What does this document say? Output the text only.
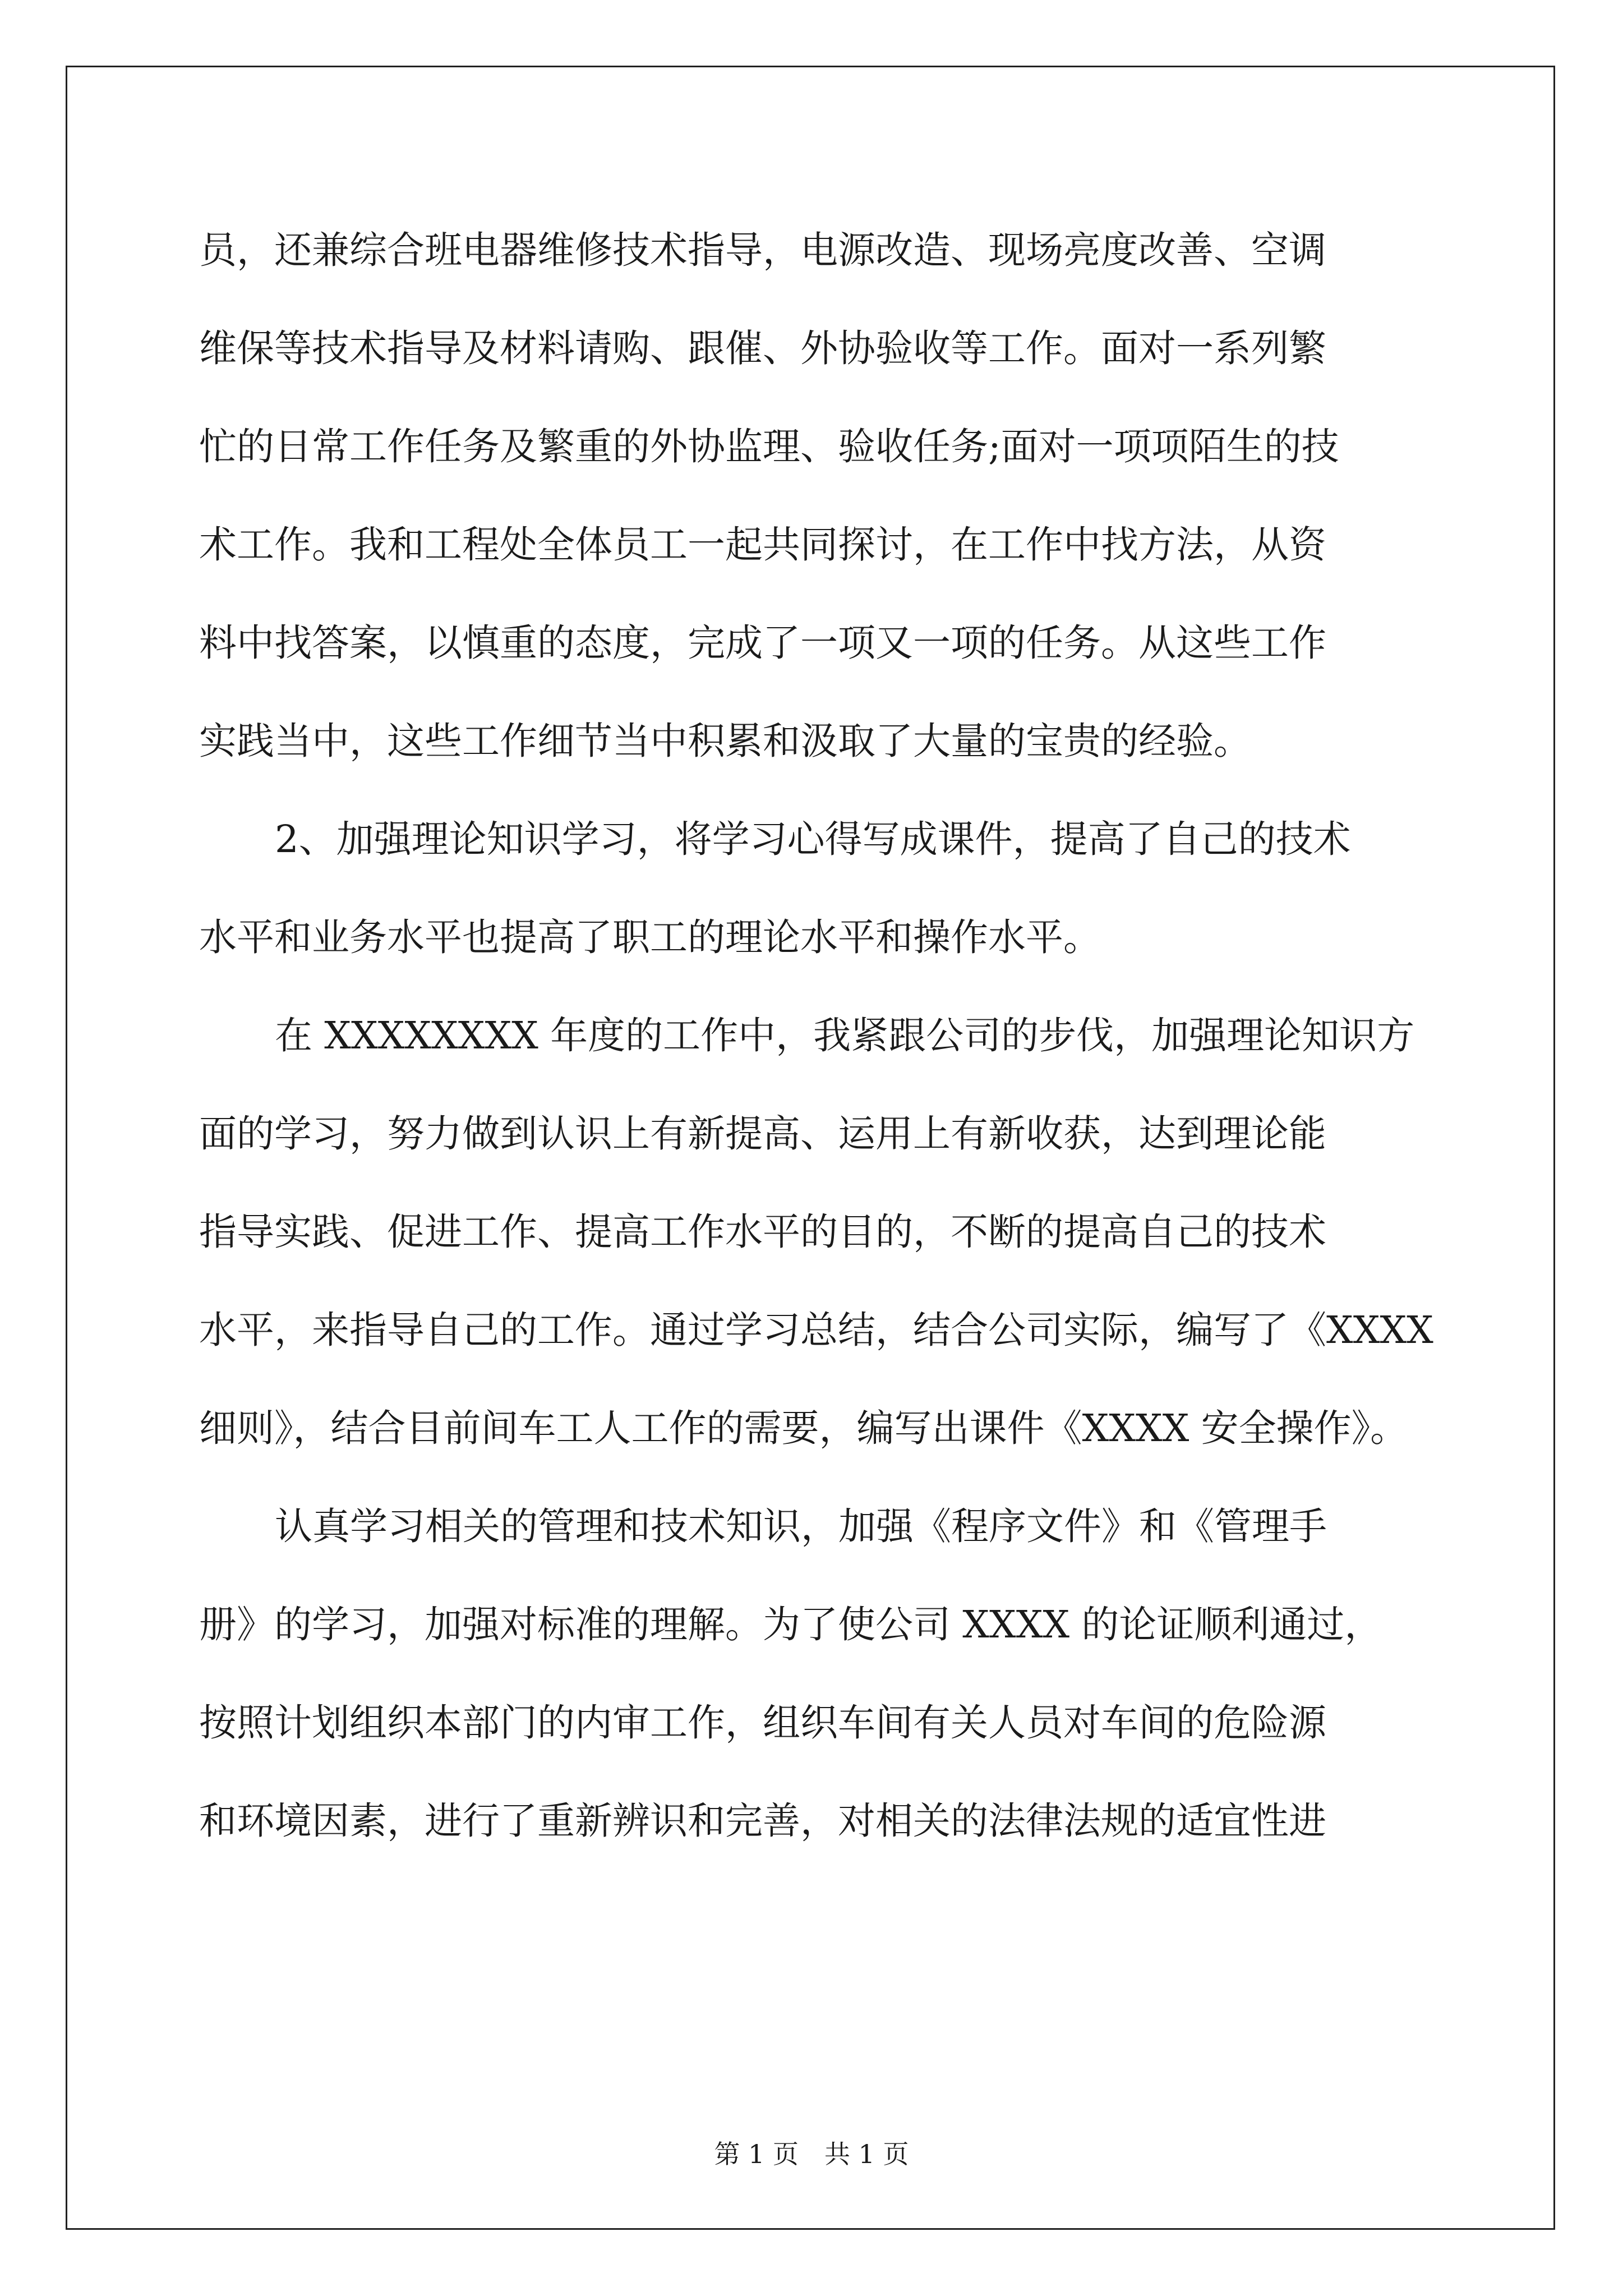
员，还兼综合班电器维修技术指导，电源改造、现场亮度改善、空调
维保等技术指导及材料请购、跟催、外协验收等工作。面对一系列繁
忙的日常工作任务及繁重的外协监理、验收任务;面对一项项陌生的技
术工作。我和工程处全体员工一起共同探讨，在工作中找方法，从资
料中找答案，以慎重的态度，完成了一项又一项的任务。从这些工作
实践当中，这些工作细节当中积累和汲取了大量的宝贵的经验。
2、加强理论知识学习，将学习心得写成课件，提高了自己的技术
水平和业务水平也提高了职工的理论水平和操作水平。
在 XXXXXXXX 年度的工作中，我紧跟公司的步伐，加强理论知识方
面的学习，努力做到认识上有新提高、运用上有新收获，达到理论能
指导实践、促进工作、提高工作水平的目的，不断的提高自己的技术
水平，来指导自己的工作。通过学习总结，结合公司实际，编写了《XXXX
细则》，结合目前间车工人工作的需要，编写出课件《XXXX 安全操作》。
认真学习相关的管理和技术知识，加强《程序文件》和《管理手
册》的学习，加强对标准的理解。为了使公司 XXXX 的论证顺利通过，
按照计划组织本部门的内审工作，组织车间有关人员对车间的危险源
和环境因素，进行了重新辨识和完善，对相关的法律法规的适宜性进
第 1 页　共 1 页
